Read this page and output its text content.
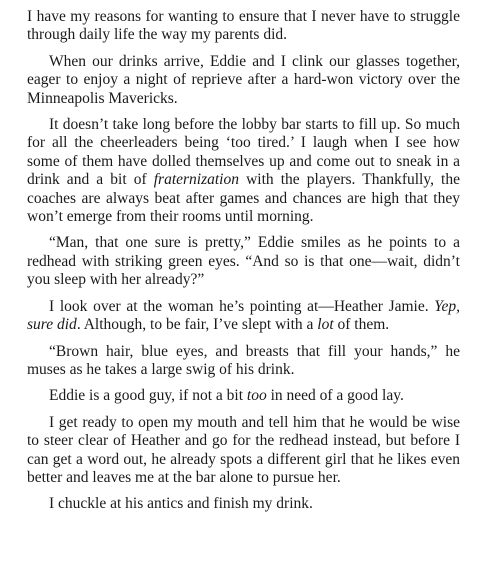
I have my reasons for wanting to ensure that I never have to struggle through daily life the way my parents did.

When our drinks arrive, Eddie and I clink our glasses together, eager to enjoy a night of reprieve after a hard-won victory over the Minneapolis Mavericks.

It doesn’t take long before the lobby bar starts to fill up. So much for all the cheerleaders being ‘too tired.’ I laugh when I see how some of them have dolled themselves up and come out to sneak in a drink and a bit of fraternization with the players. Thankfully, the coaches are always beat after games and chances are high that they won’t emerge from their rooms until morning.

“Man, that one sure is pretty,” Eddie smiles as he points to a redhead with striking green eyes. “And so is that one—wait, didn’t you sleep with her already?”

I look over at the woman he’s pointing at—Heather Jamie. Yep, sure did. Although, to be fair, I’ve slept with a lot of them.

“Brown hair, blue eyes, and breasts that fill your hands,” he muses as he takes a large swig of his drink.

Eddie is a good guy, if not a bit too in need of a good lay.

I get ready to open my mouth and tell him that he would be wise to steer clear of Heather and go for the redhead instead, but before I can get a word out, he already spots a different girl that he likes even better and leaves me at the bar alone to pursue her.

I chuckle at his antics and finish my drink.
